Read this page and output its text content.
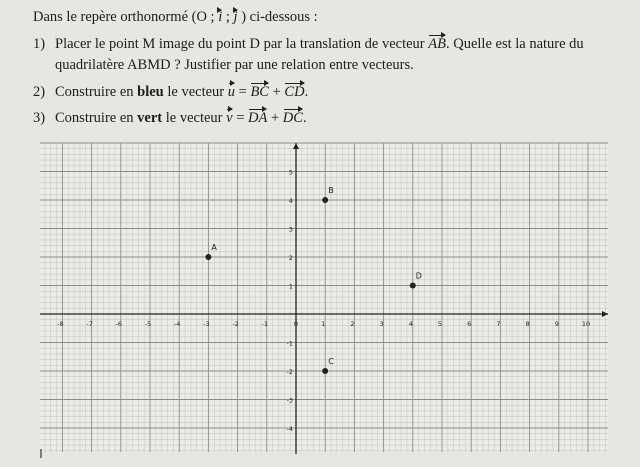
Dans le repère orthonormé (O ; i ; j ) ci-dessous :
1) Placer le point M image du point D par la translation de vecteur AB. Quelle est la nature du
quadrilatère ABMD ? Justifier par une relation entre vecteurs.
2) Construire en bleu le vecteur u = BC + CD.
3) Construire en vert le vecteur v = DA + DC.
-8	-7	-6	-5	-4	-3	-2	-1	0	1	2	3	4	5	6	7	8	9	10
5
4
3
2
1
-1
-2
-3
-4
A
B
C
D
